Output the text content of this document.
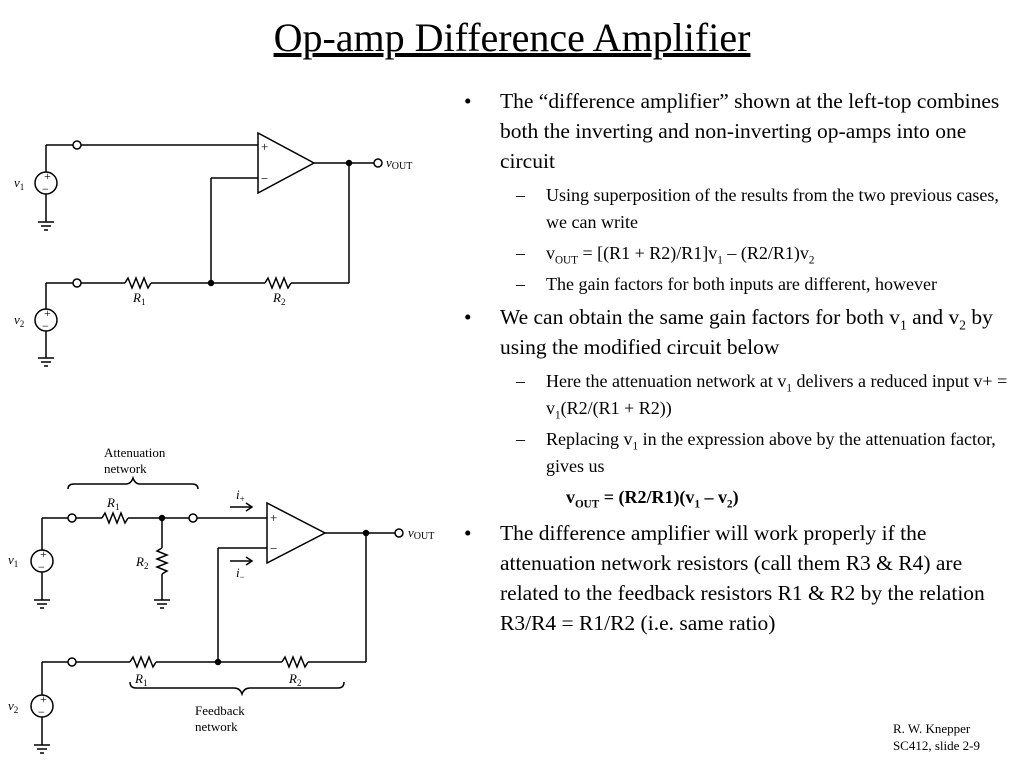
Op-amp Difference Amplifier
+
−
+
−
+
−
$v_1$
$v_2$
vOUT
$R_1$	$R_2$
Attenuation
network
Feedback
network
+
−
+
−
+
−
$i_+$
$i_-$
$v_1$
$v_2$
vOUT
$R_1$
$R_2$
$R_1$	$R_2$
• The “difference amplifier” shown at the left-top combines both the inverting and non-inverting op-amps into one circuit
– Using superposition of the results from the two previous cases, we can write
– $v_{OUT} = [(R1 + R2)/R1]v_1 - (R2/R1)v_2$
– The gain factors for both inputs are different, however
• We can obtain the same gain factors for both $v_1$ and $v_2$ by using the modified circuit below
– Here the attenuation network at $v_1$ delivers a reduced input $v+ = v_1(R2/(R1 + R2))$
– Replacing $v_1$ in the expression above by the attenuation factor, gives us
$v_{OUT} = (R2/R1)(v_1 - v_2)$
• The difference amplifier will work properly if the attenuation network resistors (call them R3 & R4) are related to the feedback resistors R1 & R2 by the relation R3/R4 = R1/R2 (i.e. same ratio)
R. W. Knepper
SC412, slide 2-9
